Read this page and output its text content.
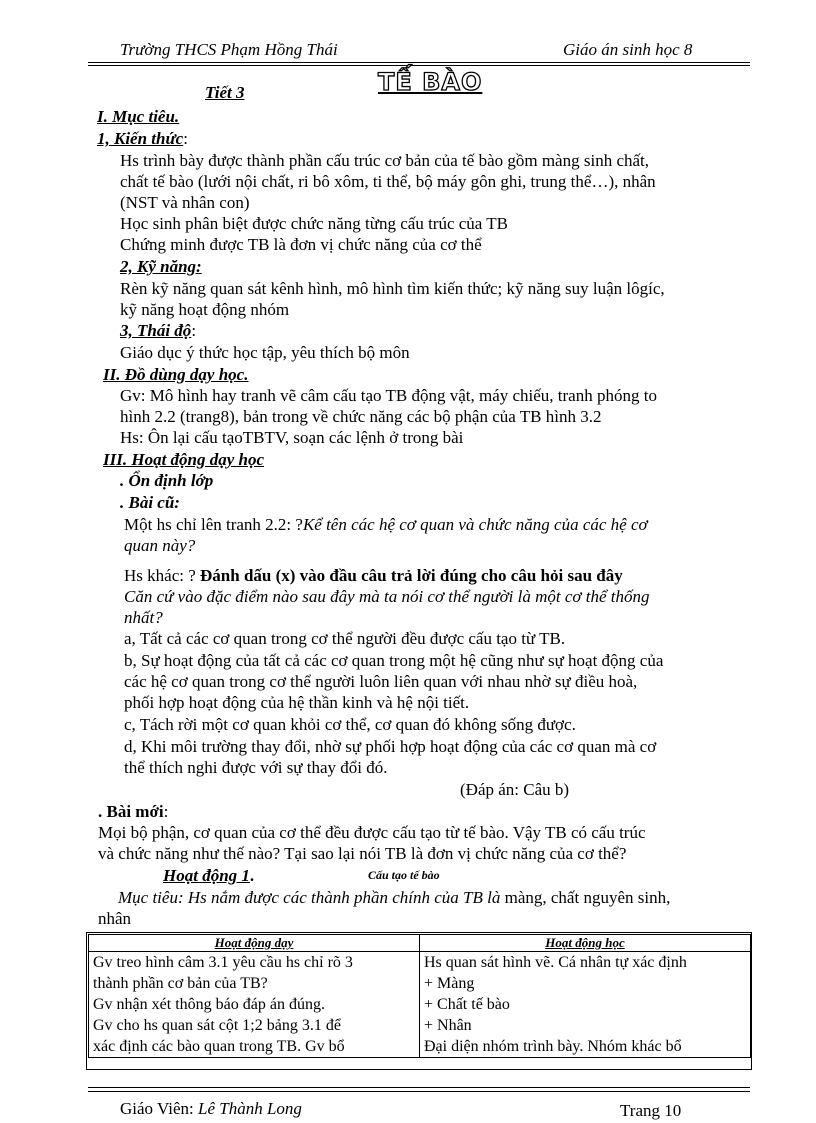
Trường THCS Phạm Hồng Thái	Giáo án sinh học 8
Tiết 3	TẾ BÀO
I. Mục tiêu.
1, Kiến thức:
Hs trình bày được thành phần cấu trúc cơ bản của tế bào gồm màng sinh chất,
chất tế bào (lưới nội chất, ri bô xôm, ti thể, bộ máy gôn ghi, trung thể…), nhân
(NST và nhân con)
Học sinh phân biệt được chức năng từng cấu trúc của TB
Chứng minh được TB là đơn vị chức năng của cơ thể
2, Kỹ năng:
Rèn kỹ năng quan sát kênh hình, mô hình tìm kiến thức; kỹ năng suy luận lôgíc,
kỹ năng hoạt động nhóm
3, Thái độ:
Giáo dục ý thức học tập, yêu thích bộ môn
II. Đồ dùng dạy học.
Gv: Mô hình hay tranh vẽ câm cấu tạo TB động vật, máy chiếu, tranh phóng to
hình 2.2 (trang8), bản trong về chức năng các bộ phận của TB hình 3.2
Hs: Ôn lại cấu tạoTBTV, soạn các lệnh ở trong bài
III. Hoạt động dạy học
. Ổn định lớp
. Bài cũ:
Một hs chỉ lên tranh 2.2: ?Kể tên các hệ cơ quan và chức năng của các hệ cơ
quan này?
Hs khác: ? Đánh dấu (x) vào đầu câu trả lời đúng cho câu hỏi sau đây
Căn cứ vào đặc điểm nào sau đây mà ta nói cơ thể người là một cơ thể thống
nhất?
a, Tất cả các cơ quan trong cơ thể người đều được cấu tạo từ TB.
b, Sự hoạt động của tất cả các cơ quan trong một hệ cũng như sự hoạt động của
các hệ cơ quan trong cơ thể người luôn liên quan với nhau nhờ sự điều hoà,
phối hợp hoạt động của hệ thần kinh và hệ nội tiết.
c, Tách rời một cơ quan khỏi cơ thể, cơ quan đó không sống được.
d, Khi môi trường thay đổi, nhờ sự phối hợp hoạt động của các cơ quan mà cơ
thể thích nghi được với sự thay đổi đó.
(Đáp án: Câu b)
. Bài mới:
Mọi bộ phận, cơ quan của cơ thể đều được cấu tạo từ tế bào. Vậy TB có cấu trúc
và chức năng như thế nào? Tại sao lại nói TB là đơn vị chức năng của cơ thể?
Hoạt động 1.	Cấu tạo tế bào
Mục tiêu: Hs nắm được các thành phần chính của TB là màng, chất nguyên sinh,
nhân
Hoạt động dạy	Hoạt động học
Gv treo hình câm 3.1 yêu cầu hs chỉ rõ 3	Hs quan sát hình vẽ. Cá nhân tự xác định
thành phần cơ bản của TB?	+ Màng
Gv nhận xét thông báo đáp án đúng.	+ Chất tế bào
Gv cho hs quan sát cột 1;2 bảng 3.1 để	+ Nhân
xác định các bào quan trong TB. Gv bổ	Đại diện nhóm trình bày. Nhóm khác bổ
Giáo Viên: Lê Thành Long	Trang 10
